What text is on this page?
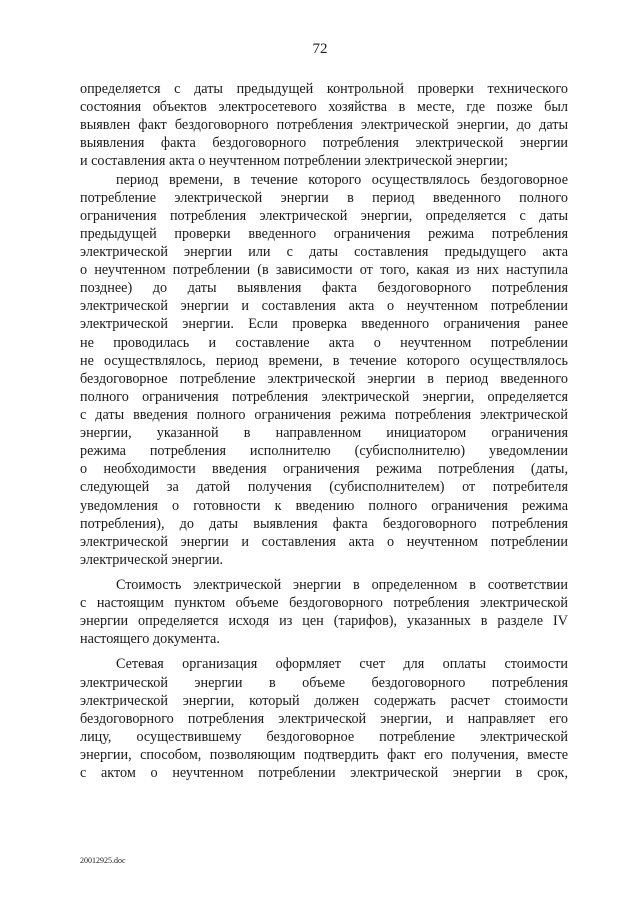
72
определяется с даты предыдущей контрольной проверки технического
состояния объектов электросетевого хозяйства в месте, где позже был
выявлен факт бездоговорного потребления электрической энергии, до даты
выявления факта бездоговорного потребления электрической энергии
и составления акта о неучтенном потреблении электрической энергии;
период времени, в течение которого осуществлялось бездоговорное
потребление электрической энергии в период введенного полного
ограничения потребления электрической энергии, определяется с даты
предыдущей проверки введенного ограничения режима потребления
электрической энергии или с даты составления предыдущего акта
о неучтенном потреблении (в зависимости от того, какая из них наступила
позднее) до даты выявления факта бездоговорного потребления
электрической энергии и составления акта о неучтенном потреблении
электрической энергии. Если проверка введенного ограничения ранее
не проводилась и составление акта о неучтенном потреблении
не осуществлялось, период времени, в течение которого осуществлялось
бездоговорное потребление электрической энергии в период введенного
полного ограничения потребления электрической энергии, определяется
с даты введения полного ограничения режима потребления электрической
энергии, указанной в направленном инициатором ограничения
режима потребления исполнителю (субисполнителю) уведомлении
о необходимости введения ограничения режима потребления (даты,
следующей за датой получения (субисполнителем) от потребителя
уведомления о готовности к введению полного ограничения режима
потребления), до даты выявления факта бездоговорного потребления
электрической энергии и составления акта о неучтенном потреблении
электрической энергии.
Стоимость электрической энергии в определенном в соответствии
с настоящим пунктом объеме бездоговорного потребления электрической
энергии определяется исходя из цен (тарифов), указанных в разделе IV
настоящего документа.
Сетевая организация оформляет счет для оплаты стоимости
электрической энергии в объеме бездоговорного потребления
электрической энергии, который должен содержать расчет стоимости
бездоговорного потребления электрической энергии, и направляет его
лицу, осуществившему бездоговорное потребление электрической
энергии, способом, позволяющим подтвердить факт его получения, вместе
с актом о неучтенном потреблении электрической энергии в срок,
20012925.doc
